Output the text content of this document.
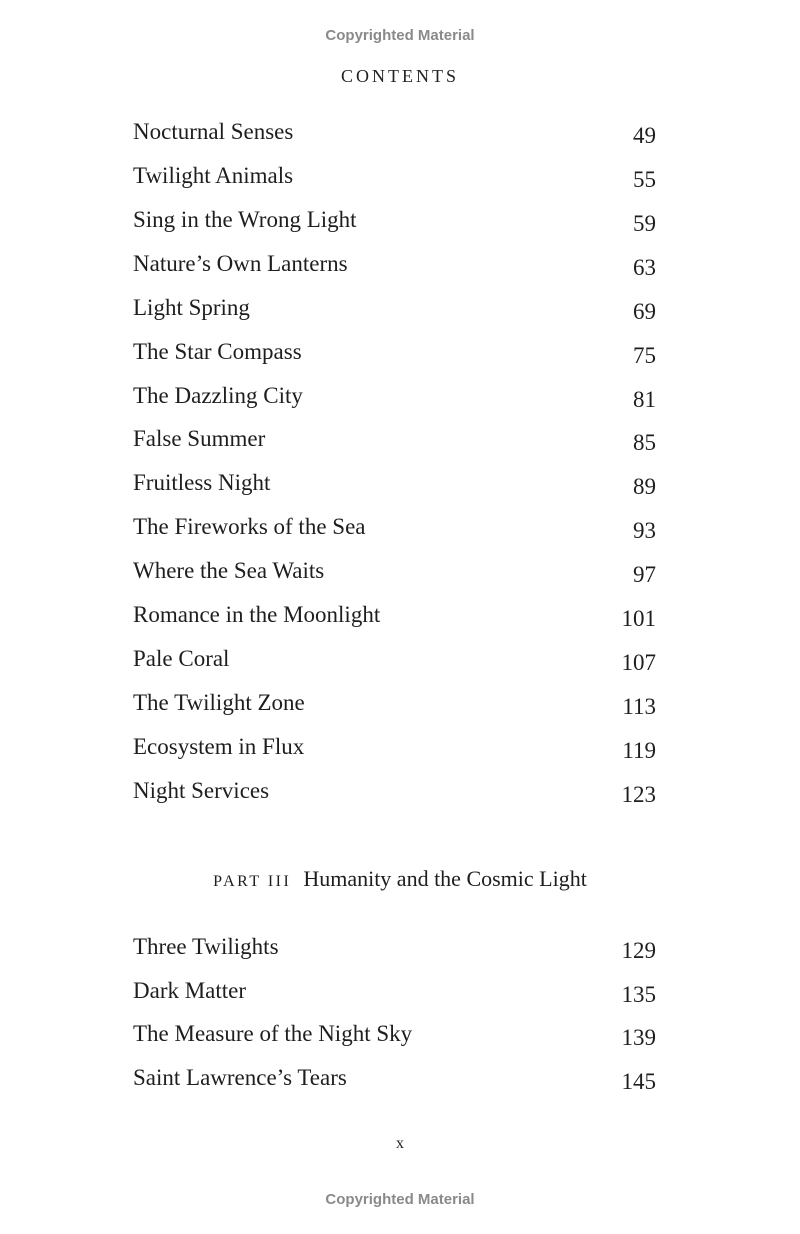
Copyrighted Material
CONTENTS
Nocturnal Senses	49
Twilight Animals	55
Sing in the Wrong Light	59
Nature’s Own Lanterns	63
Light Spring	69
The Star Compass	75
The Dazzling City	81
False Summer	85
Fruitless Night	89
The Fireworks of the Sea	93
Where the Sea Waits	97
Romance in the Moonlight	101
Pale Coral	107
The Twilight Zone	113
Ecosystem in Flux	119
Night Services	123
PART III Humanity and the Cosmic Light
Three Twilights	129
Dark Matter	135
The Measure of the Night Sky	139
Saint Lawrence’s Tears	145
x
Copyrighted Material
